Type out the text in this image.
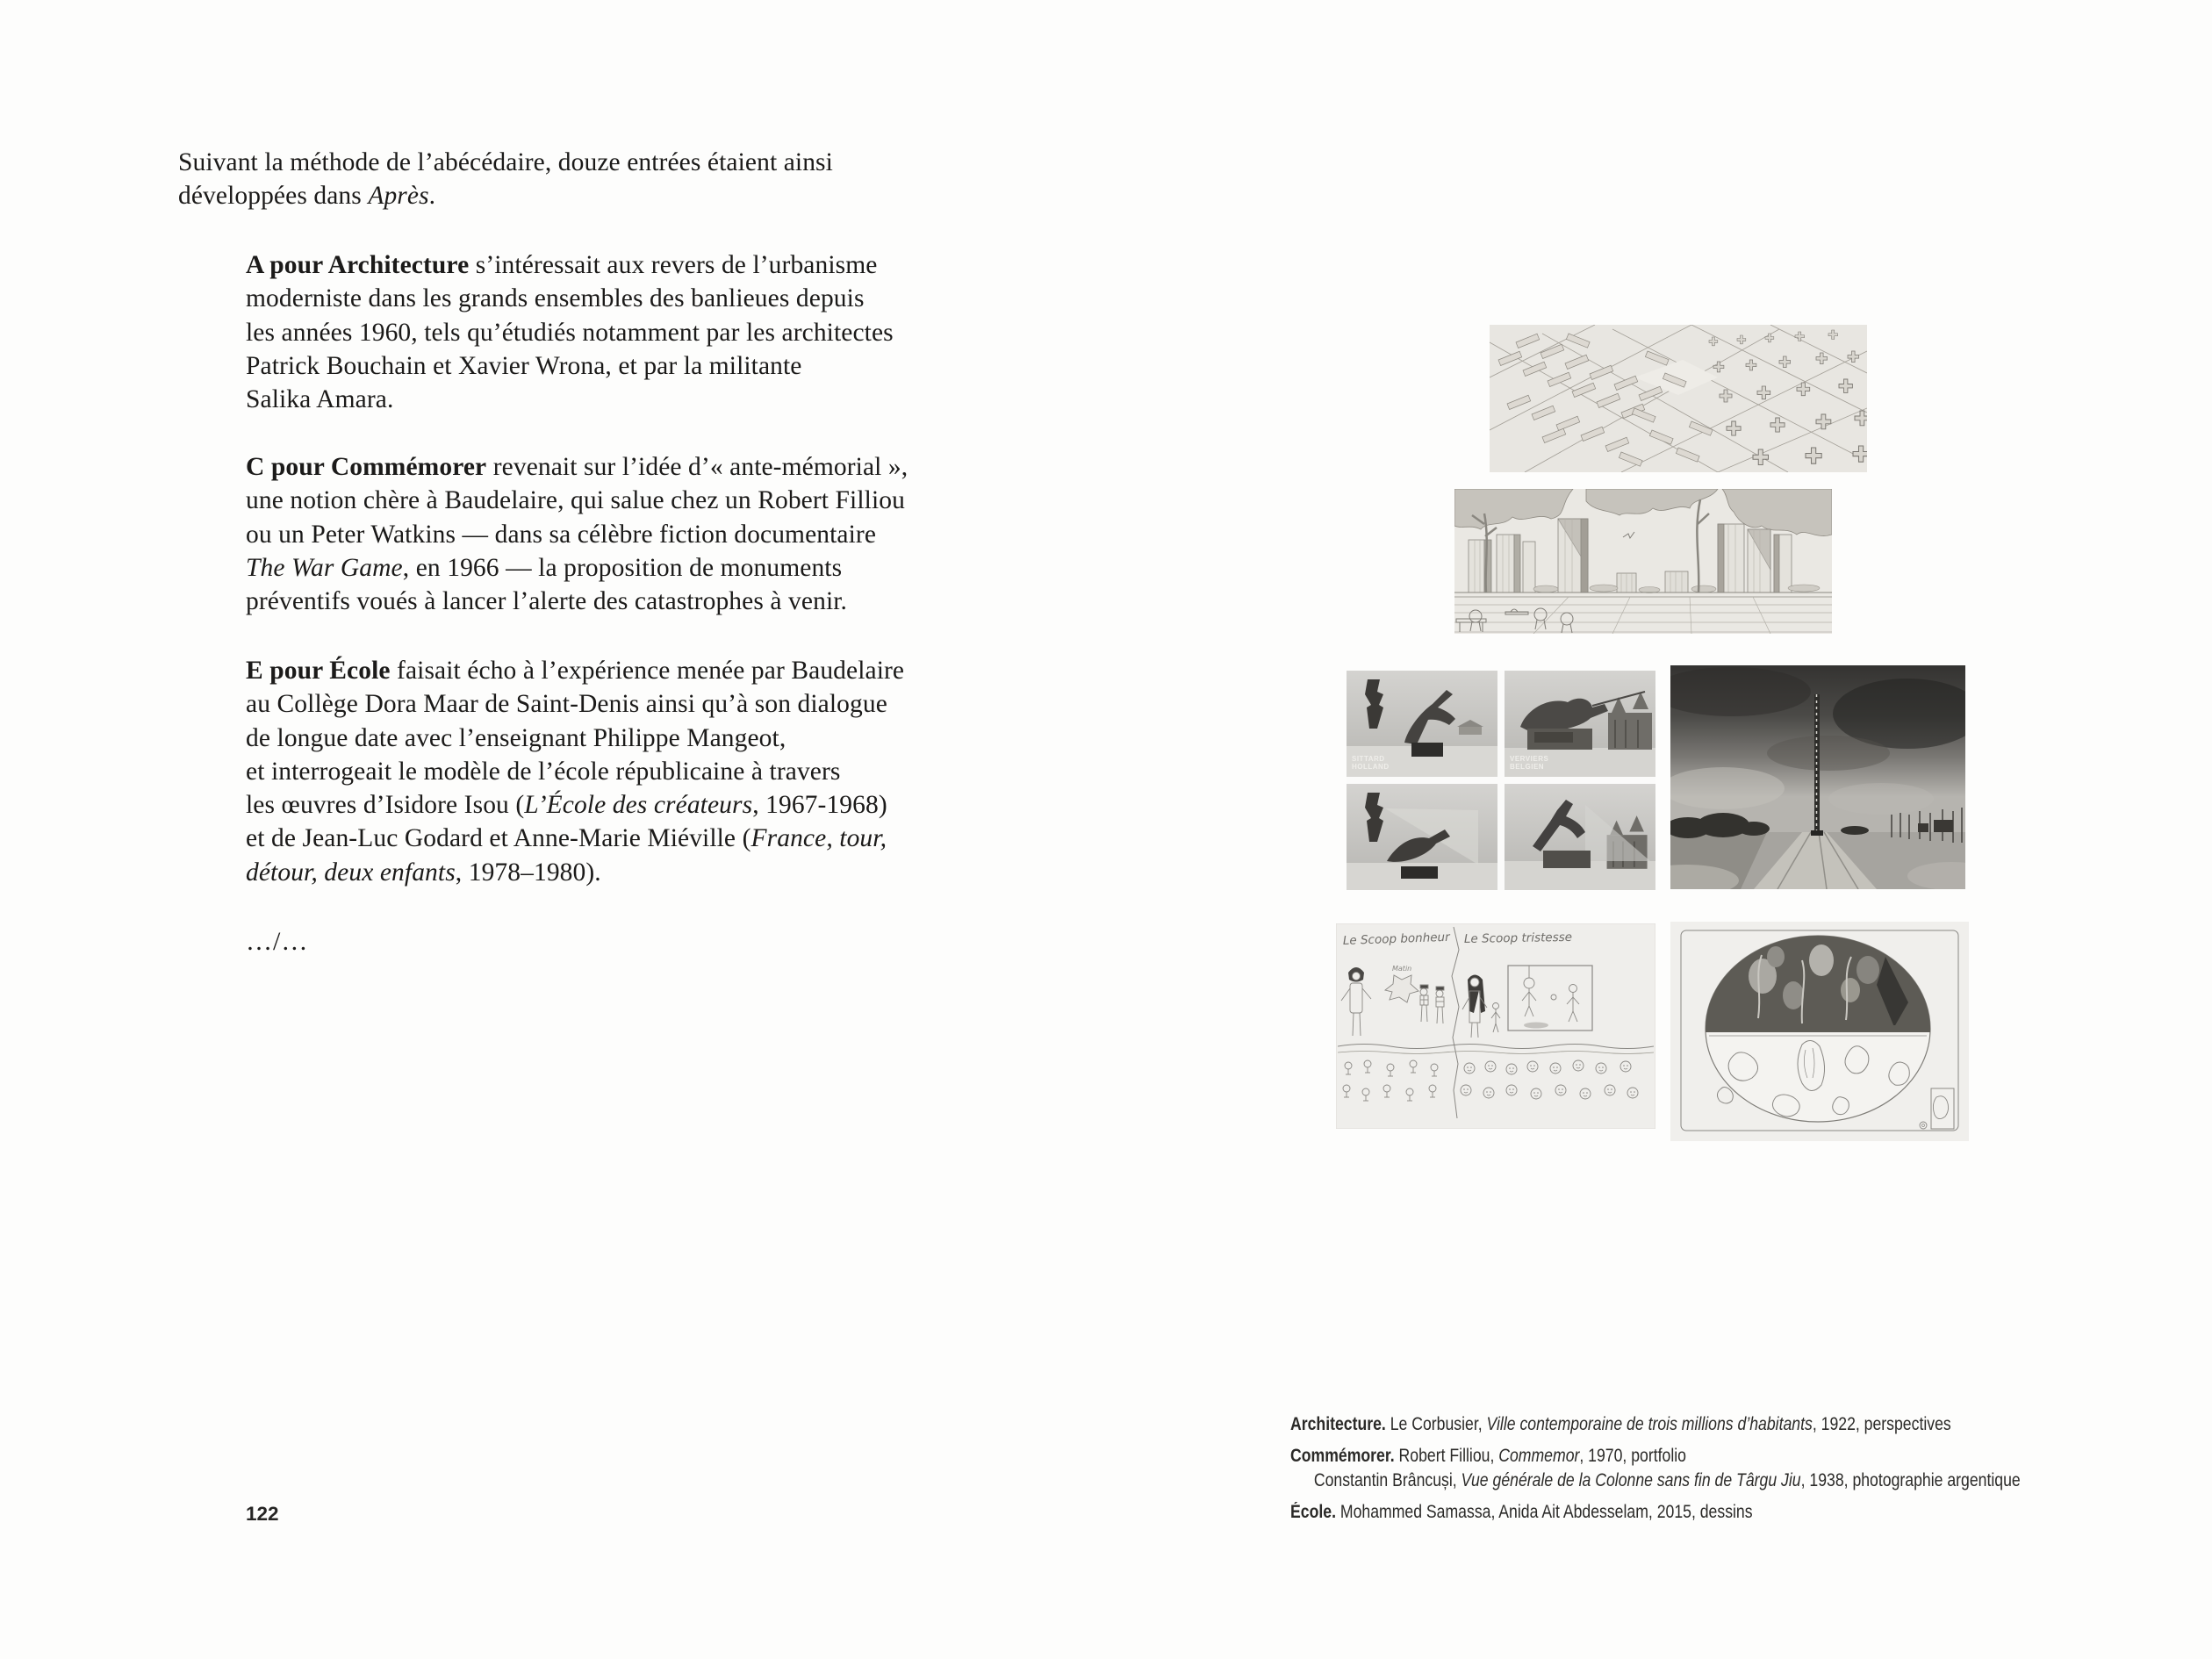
Suivant la méthode de l’abécédaire, douze entrées étaient ainsi
développées dans Après.
A pour Architecture s’intéressait aux revers de l’urbanisme
moderniste dans les grands ensembles des banlieues depuis
les années 1960, tels qu’étudiés notamment par les architectes
Patrick Bouchain et Xavier Wrona, et par la militante
Salika Amara.
C pour Commémorer revenait sur l’idée d’« ante-mémorial »,
une notion chère à Baudelaire, qui salue chez un Robert Filliou
ou un Peter Watkins — dans sa célèbre fiction documentaire
The War Game, en 1966 — la proposition de monuments
préventifs voués à lancer l’alerte des catastrophes à venir.
E pour École faisait écho à l’expérience menée par Baudelaire
au Collège Dora Maar de Saint-Denis ainsi qu’à son dialogue
de longue date avec l’enseignant Philippe Mangeot,
et interrogeait le modèle de l’école républicaine à travers
les œuvres d’Isidore Isou (L’École des créateurs, 1967-1968)
et de Jean-Luc Godard et Anne-Marie Miéville (France, tour,
détour, deux enfants, 1978–1980).
…/…
122
SITTARD
HOLLAND
VERVIERS
BELGIEN
Le Scoop bonheur Le Scoop tristesse
Matin
Architecture. Le Corbusier, Ville contemporaine de trois millions d’habitants, 1922, perspectives
Commémorer. Robert Filliou, Commemor, 1970, portfolio
Constantin Brâncuși, Vue générale de la Colonne sans fin de Târgu Jiu, 1938, photographie argentique
École. Mohammed Samassa, Anida Ait Abdesselam, 2015, dessins
